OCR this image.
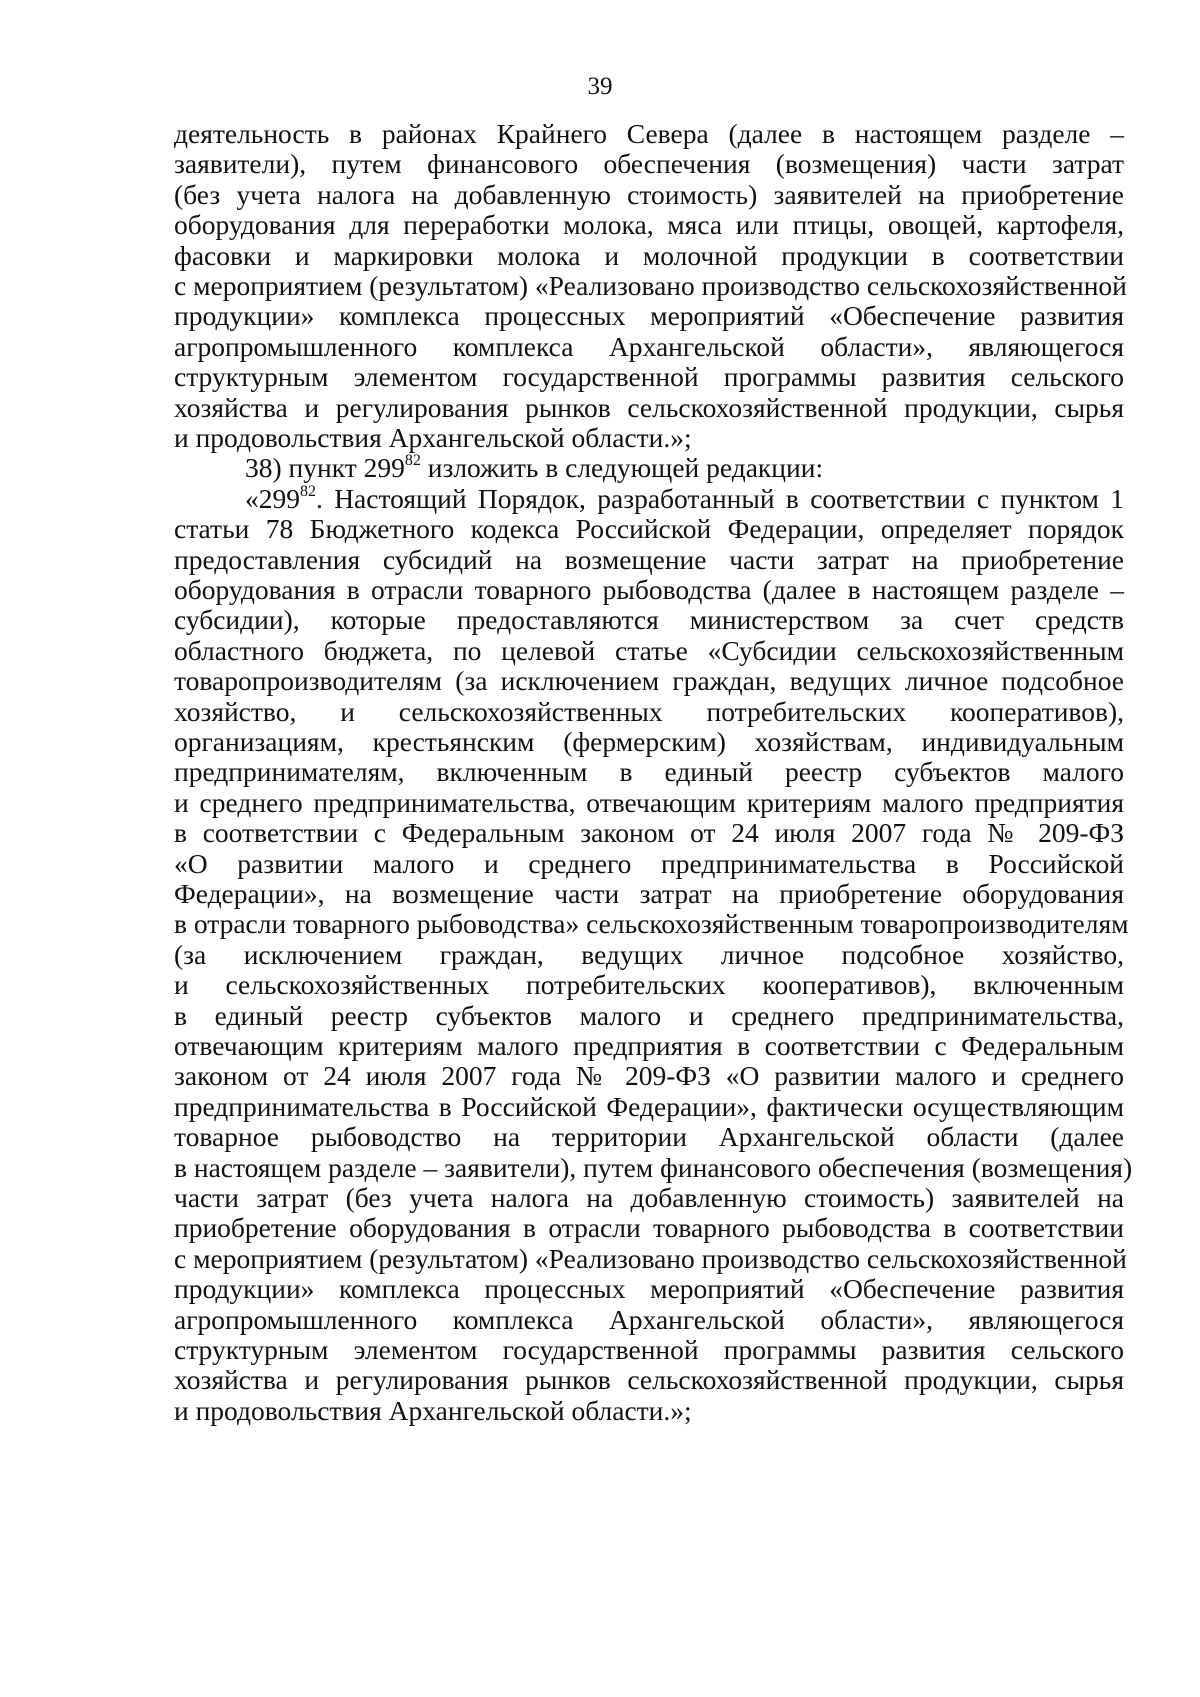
39
деятельность в районах Крайнего Севера (далее в настоящем разделе –
заявители), путем финансового обеспечения (возмещения) части затрат
(без учета налога на добавленную стоимость) заявителей на приобретение
оборудования для переработки молока, мяса или птицы, овощей, картофеля,
фасовки и маркировки молока и молочной продукции в соответствии
с мероприятием (результатом) «Реализовано производство сельскохозяйственной
продукции» комплекса процессных мероприятий «Обеспечение развития
агропромышленного комплекса Архангельской области», являющегося
структурным элементом государственной программы развития сельского
хозяйства и регулирования рынков сельскохозяйственной продукции, сырья
и продовольствия Архангельской области.»;
38) пункт $299^{82}$ изложить в следующей редакции:
«$299^{82}$. Настоящий Порядок, разработанный в соответствии с пунктом 1
статьи 78 Бюджетного кодекса Российской Федерации, определяет порядок
предоставления субсидий на возмещение части затрат на приобретение
оборудования в отрасли товарного рыбоводства (далее в настоящем разделе –
субсидии), которые предоставляются министерством за счет средств
областного бюджета, по целевой статье «Субсидии сельскохозяйственным
товаропроизводителям (за исключением граждан, ведущих личное подсобное
хозяйство, и сельскохозяйственных потребительских кооперативов),
организациям, крестьянским (фермерским) хозяйствам, индивидуальным
предпринимателям, включенным в единый реестр субъектов малого
и среднего предпринимательства, отвечающим критериям малого предприятия
в соответствии с Федеральным законом от 24 июля 2007 года № 209-ФЗ
«О развитии малого и среднего предпринимательства в Российской
Федерации», на возмещение части затрат на приобретение оборудования
в отрасли товарного рыбоводства» сельскохозяйственным товаропроизводителям
(за исключением граждан, ведущих личное подсобное хозяйство,
и сельскохозяйственных потребительских кооперативов), включенным
в единый реестр субъектов малого и среднего предпринимательства,
отвечающим критериям малого предприятия в соответствии с Федеральным
законом от 24 июля 2007 года № 209-ФЗ «О развитии малого и среднего
предпринимательства в Российской Федерации», фактически осуществляющим
товарное рыбоводство на территории Архангельской области (далее
в настоящем разделе – заявители), путем финансового обеспечения (возмещения)
части затрат (без учета налога на добавленную стоимость) заявителей на
приобретение оборудования в отрасли товарного рыбоводства в соответствии
с мероприятием (результатом) «Реализовано производство сельскохозяйственной
продукции» комплекса процессных мероприятий «Обеспечение развития
агропромышленного комплекса Архангельской области», являющегося
структурным элементом государственной программы развития сельского
хозяйства и регулирования рынков сельскохозяйственной продукции, сырья
и продовольствия Архангельской области.»;
